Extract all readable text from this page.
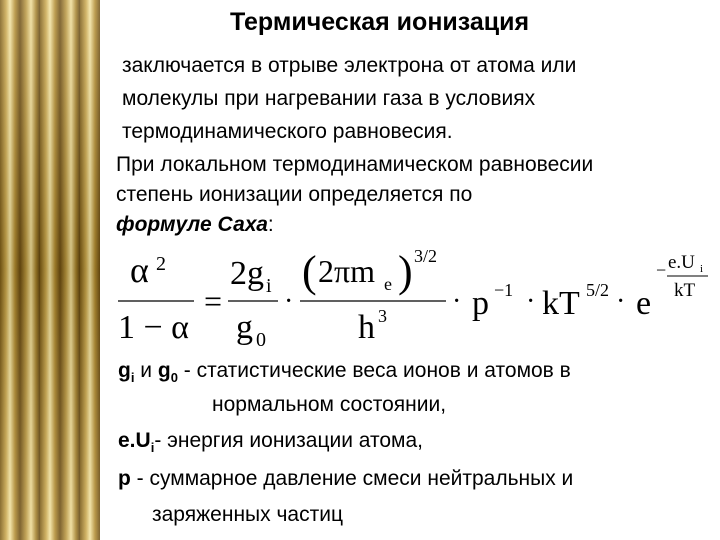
Термическая ионизация
заключается в отрыве электрона от атома или
молекулы при нагревании газа в условиях
термодинамического равновесия.
При локальном термодинамическом равновесии
степень ионизации определяется по
формуле Саха:
α 2
1 − α
=
2g i
g 0
·
( 2πm e ) 3/2
h 3 · p −1 · kT 5/2 · e
− e.U i
kT
$g_i$ и $g_0$ - статистические веса ионов и атомов в
нормальном состоянии,
$e.U_i-$ энергия ионизации атома,
p - суммарное давление смеси нейтральных и
заряженных частиц
